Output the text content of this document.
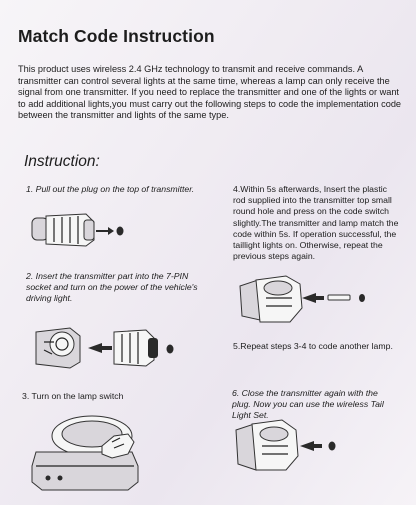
Match Code Instruction
This product uses wireless 2.4 GHz technology to transmit and receive commands. A transmitter can control several lights at the same time, whereas a lamp can only receive the signal from one transmitter. If you need to replace the transmitter and one of the lights or want to add additional lights,you must carry out the following steps to code the implementation code between the transmitter and lights of the same type.
Instruction:
1. Pull out the plug on the top of transmitter.
2. Insert the transmitter part into the 7-PIN socket and turn on the power of the vehicle's driving light.
3. Turn on the lamp switch
4.Within 5s afterwards, Insert the plastic rod supplied into the transmitter top small round hole and press on the code switch slightly.The transmitter and lamp match the code within 5s. If operation successful, the taillight lights on. Otherwise, repeat the previous steps again.
5.Repeat steps 3-4 to code another lamp.
6. Close the transmitter again with the plug. Now you can use the wireless Tail Light Set.
